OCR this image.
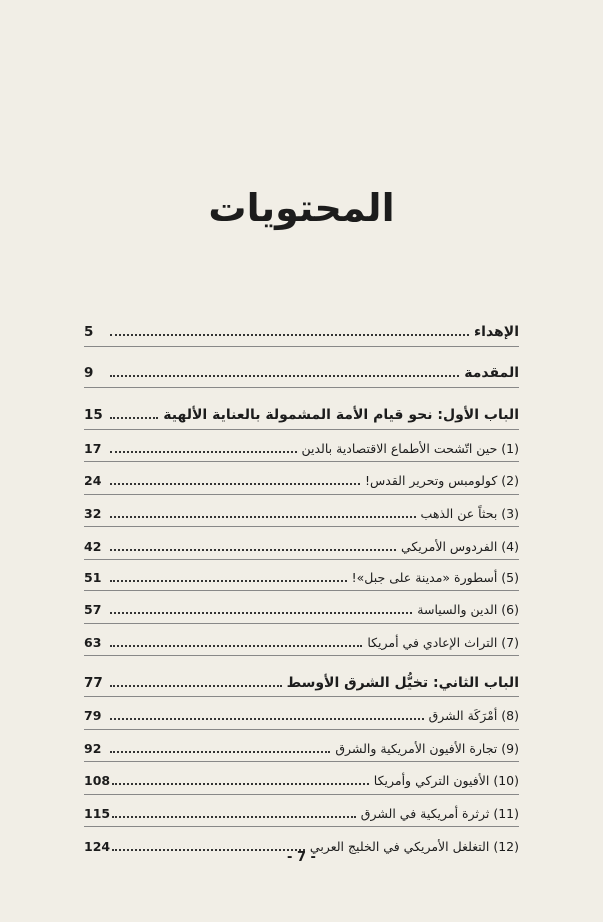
المحتويات
الإهداء
5
المقدمة
9
الباب الأول: نحو قيام الأمة المشمولة بالعناية الألهية
15
(1) حين اتّشحت الأطماع الاقتصادية بالدين
17
(2) كولومبس وتحرير القدس!
24
(3) بحثاً عن الذهب
32
(4) الفردوس الأمريكي
42
(5) أسطورة «مدينة على جبل»!
51
(6) الدين والسياسة
57
(7) التراث الإعادي في أمريكا
63
الباب الثاني: تخيُّل الشرق الأوسط
77
(8) أمْرَكَة الشرق
79
(9) تجارة الأفيون الأمريكية والشرق
92
(10) الأفيون التركي وأمريكا
108
(11) ثرثرة أمريكية في الشرق
115
(12) التغلغل الأمريكي في الخليج العربي
124
- 7 -
